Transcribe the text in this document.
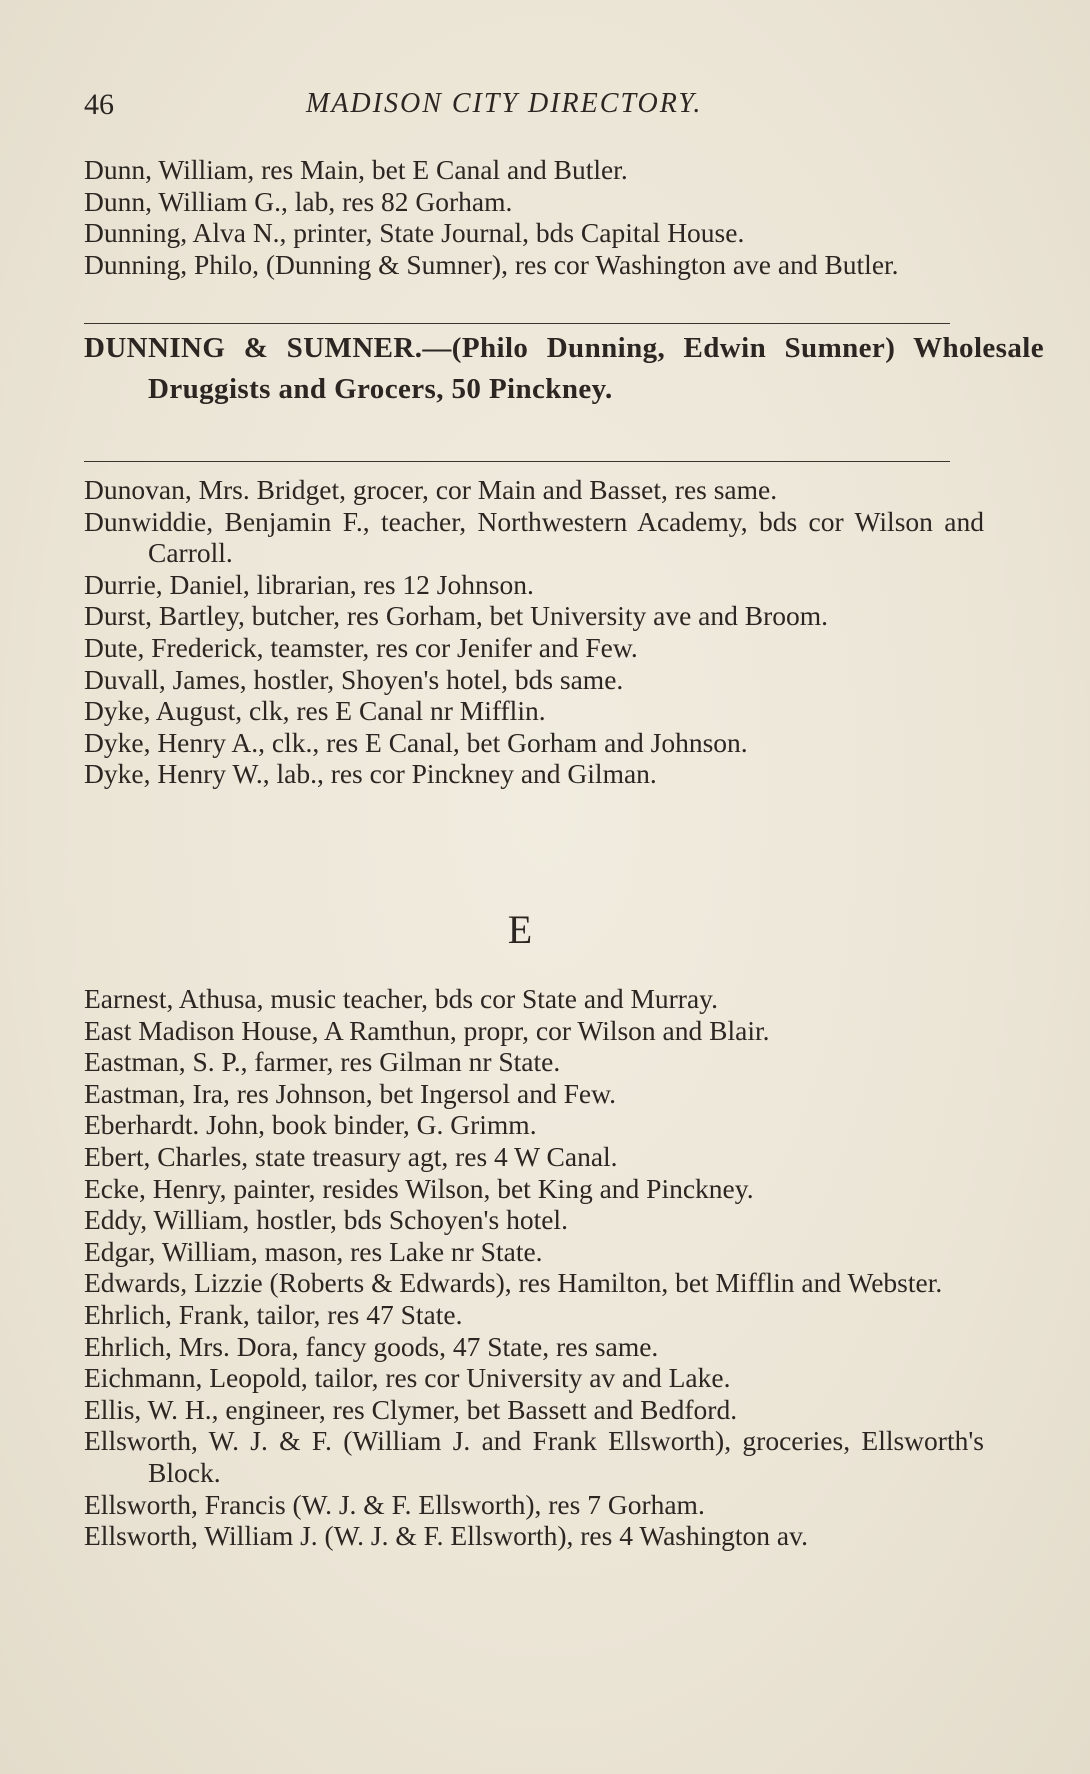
46	MADISON CITY DIRECTORY.
Dunn, William, res Main, bet E Canal and Butler.
Dunn, William G., lab, res 82 Gorham.
Dunning, Alva N., printer, State Journal, bds Capital House.
Dunning, Philo, (Dunning & Sumner), res cor Washington ave and Butler.
DUNNING & SUMNER.—(Philo Dunning, Edwin Sumner) Wholesale Druggists and Grocers, 50 Pinckney.
Dunovan, Mrs. Bridget, grocer, cor Main and Basset, res same.
Dunwiddie, Benjamin F., teacher, Northwestern Academy, bds cor Wilson and Carroll.
Durrie, Daniel, librarian, res 12 Johnson.
Durst, Bartley, butcher, res Gorham, bet University ave and Broom.
Dute, Frederick, teamster, res cor Jenifer and Few.
Duvall, James, hostler, Shoyen's hotel, bds same.
Dyke, August, clk, res E Canal nr Mifflin.
Dyke, Henry A., clk., res E Canal, bet Gorham and Johnson.
Dyke, Henry W., lab., res cor Pinckney and Gilman.
E
Earnest, Athusa, music teacher, bds cor State and Murray.
East Madison House, A Ramthun, propr, cor Wilson and Blair.
Eastman, S. P., farmer, res Gilman nr State.
Eastman, Ira, res Johnson, bet Ingersol and Few.
Eberhardt. John, book binder, G. Grimm.
Ebert, Charles, state treasury agt, res 4 W Canal.
Ecke, Henry, painter, resides Wilson, bet King and Pinckney.
Eddy, William, hostler, bds Schoyen's hotel.
Edgar, William, mason, res Lake nr State.
Edwards, Lizzie (Roberts & Edwards), res Hamilton, bet Mifflin and Webster.
Ehrlich, Frank, tailor, res 47 State.
Ehrlich, Mrs. Dora, fancy goods, 47 State, res same.
Eichmann, Leopold, tailor, res cor University av and Lake.
Ellis, W. H., engineer, res Clymer, bet Bassett and Bedford.
Ellsworth, W. J. & F. (William J. and Frank Ellsworth), groceries, Ellsworth's Block.
Ellsworth, Francis (W. J. & F. Ellsworth), res 7 Gorham.
Ellsworth, William J. (W. J. & F. Ellsworth), res 4 Washington av.
